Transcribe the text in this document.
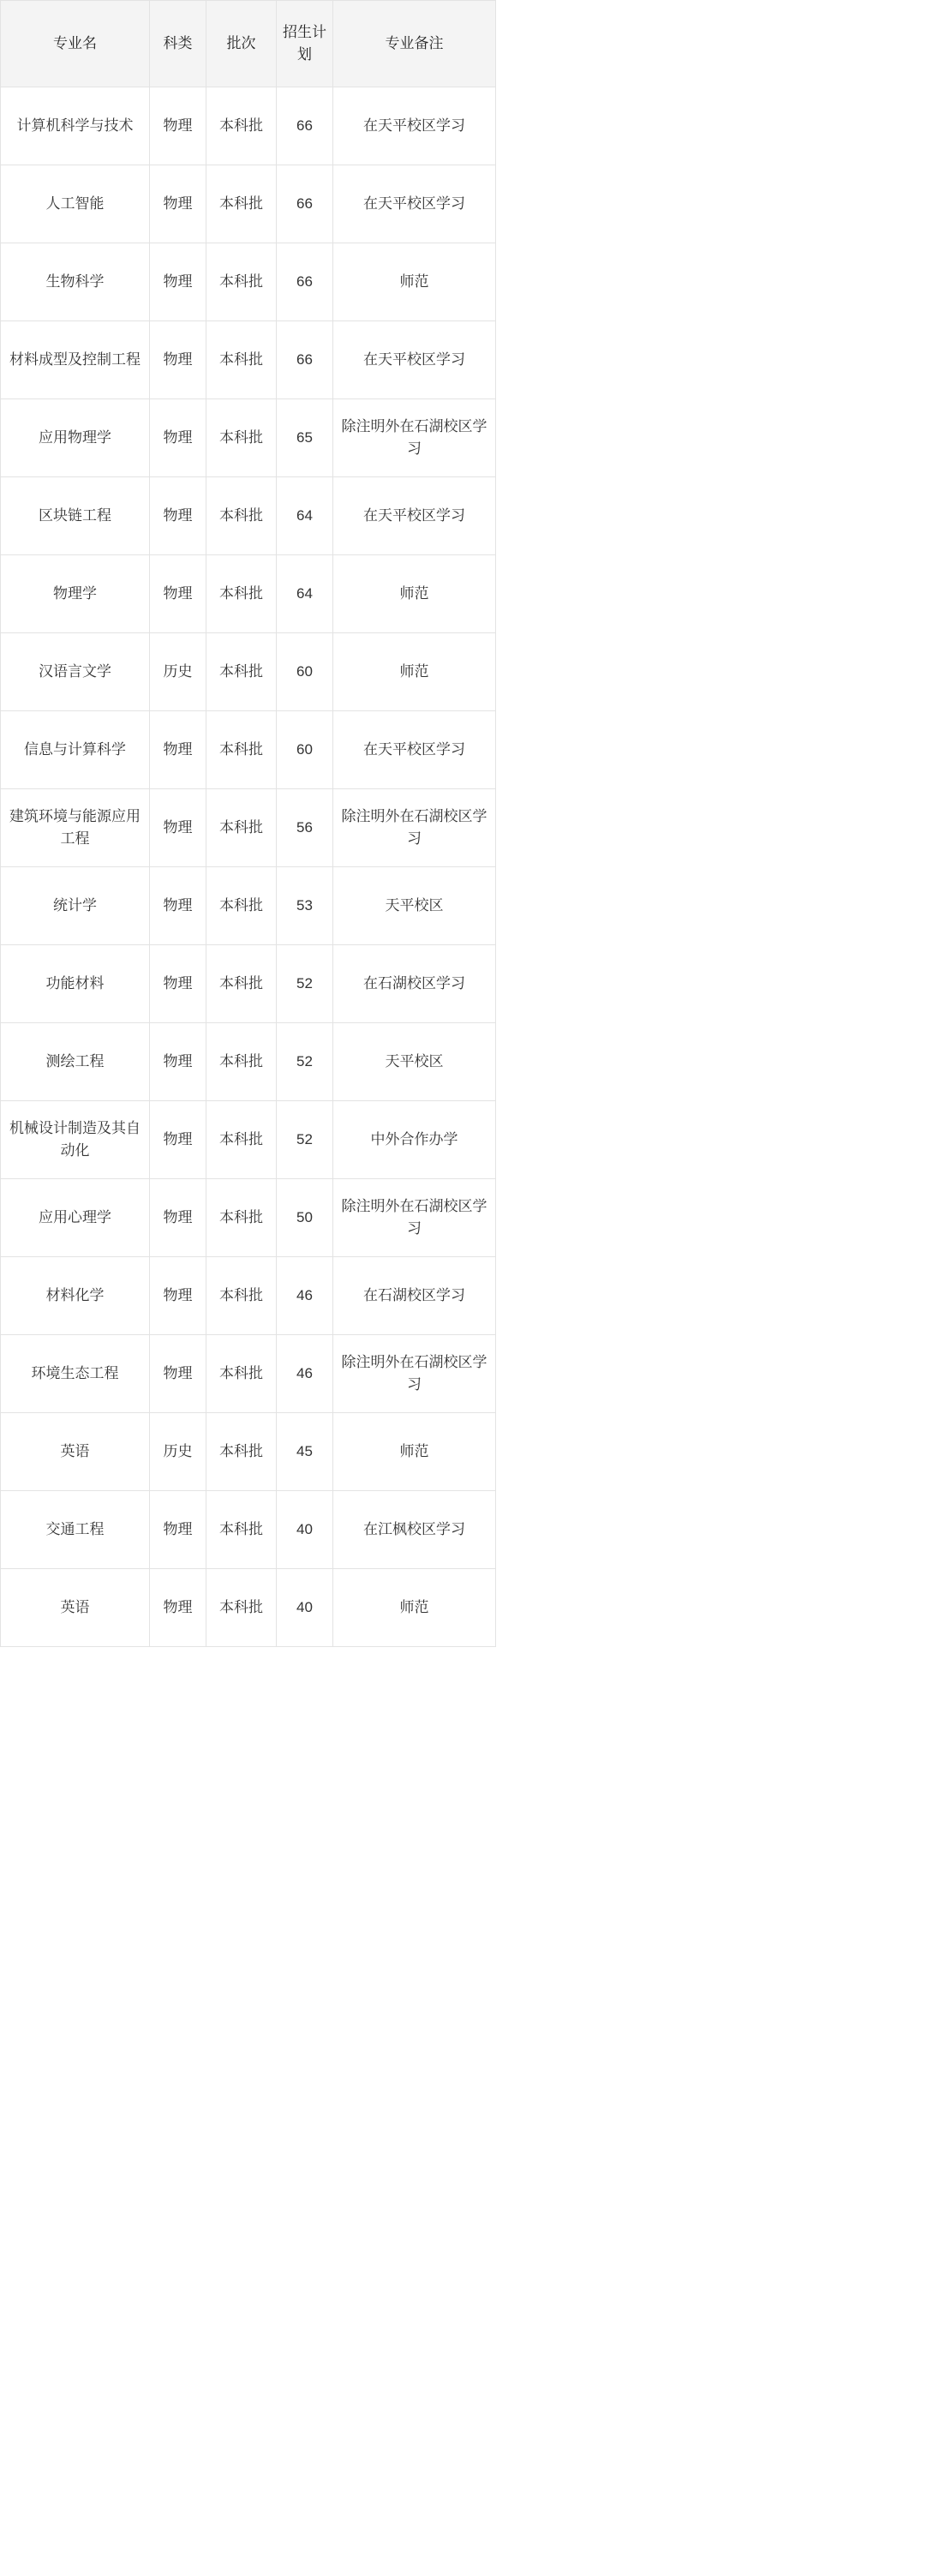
专业名	科类	批次	招生计划	专业备注
计算机科学与技术	物理	本科批	66	在天平校区学习
人工智能	物理	本科批	66	在天平校区学习
生物科学	物理	本科批	66	师范
材料成型及控制工程	物理	本科批	66	在天平校区学习
应用物理学	物理	本科批	65	除注明外在石湖校区学习
区块链工程	物理	本科批	64	在天平校区学习
物理学	物理	本科批	64	师范
汉语言文学	历史	本科批	60	师范
信息与计算科学	物理	本科批	60	在天平校区学习
建筑环境与能源应用工程	物理	本科批	56	除注明外在石湖校区学习
统计学	物理	本科批	53	天平校区
功能材料	物理	本科批	52	在石湖校区学习
测绘工程	物理	本科批	52	天平校区
机械设计制造及其自动化	物理	本科批	52	中外合作办学
应用心理学	物理	本科批	50	除注明外在石湖校区学习
材料化学	物理	本科批	46	在石湖校区学习
环境生态工程	物理	本科批	46	除注明外在石湖校区学习
英语	历史	本科批	45	师范
交通工程	物理	本科批	40	在江枫校区学习
英语	物理	本科批	40	师范
